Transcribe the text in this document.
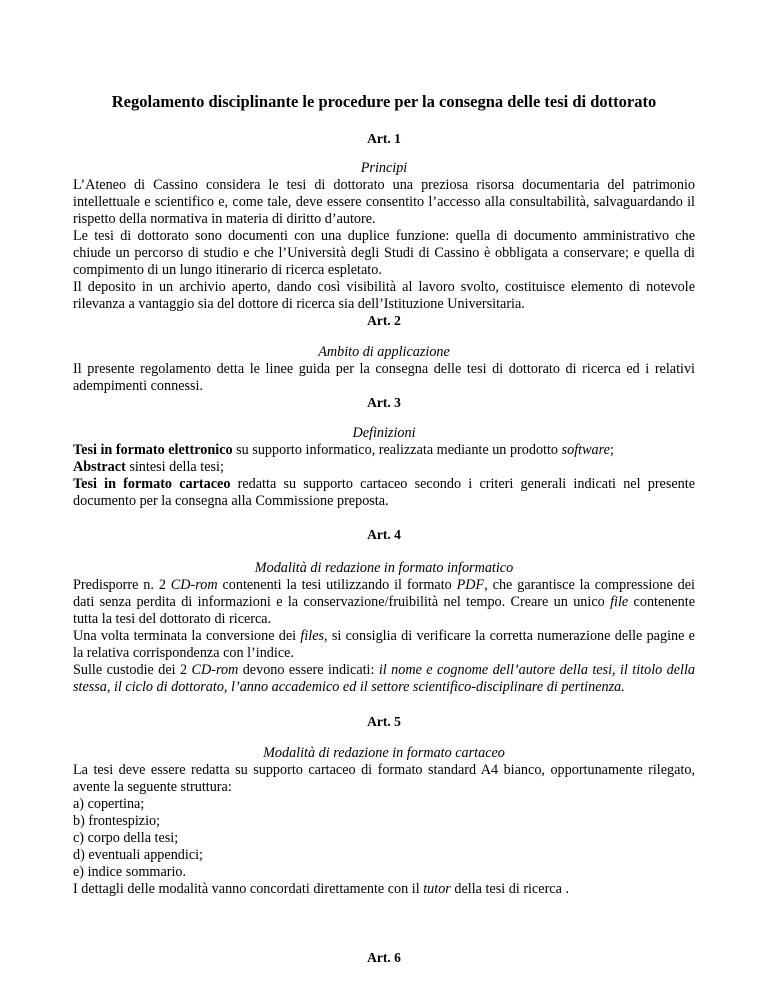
Regolamento disciplinante le procedure per la consegna delle tesi di dottorato
Art. 1
Principi

L’Ateneo di Cassino considera le tesi di dottorato una preziosa risorsa documentaria del patrimonio intellettuale e scientifico e, come tale, deve essere consentito l’accesso alla consultabilità, salvaguardando il rispetto della normativa in materia di diritto d’autore.

Le tesi di dottorato sono documenti con una duplice funzione: quella di documento amministrativo che chiude un percorso di studio e che l’Università degli Studi di Cassino è obbligata a conservare; e quella di compimento di un lungo itinerario di ricerca espletato.

Il deposito in un archivio aperto, dando così visibilità al lavoro svolto, costituisce elemento di notevole rilevanza a vantaggio sia del dottore di ricerca sia dell’Istituzione Universitaria.

Art. 2
Ambito di applicazione

Il presente regolamento detta le linee guida per la consegna delle tesi di dottorato di ricerca ed i relativi adempimenti connessi.

Art. 3
Definizioni

Tesi in formato elettronico su supporto informatico, realizzata mediante un prodotto software;

Abstract sintesi della tesi;

Tesi in formato cartaceo redatta su supporto cartaceo secondo i criteri generali indicati nel presente documento per la consegna alla Commissione preposta.

Art. 4
Modalità di redazione in formato informatico

Predisporre n. 2 CD-rom contenenti la tesi utilizzando il formato PDF, che garantisce la compressione dei dati senza perdita di informazioni e la conservazione/fruibilità nel tempo. Creare un unico file contenente tutta la tesi del dottorato di ricerca.

Una volta terminata la conversione dei files, si consiglia di verificare la corretta numerazione delle pagine e la relativa corrispondenza con l’indice.

Sulle custodie dei 2 CD-rom devono essere indicati: il nome e cognome dell’autore della tesi, il titolo della stessa, il ciclo di dottorato, l’anno accademico ed il settore scientifico-disciplinare di pertinenza.

Art. 5
Modalità di redazione in formato cartaceo

La tesi deve essere redatta su supporto cartaceo di formato standard A4 bianco, opportunamente rilegato, avente la seguente struttura:

a) copertina;

b) frontespizio;

c) corpo della tesi;

d) eventuali appendici;

e) indice sommario.

I dettagli delle modalità vanno concordati direttamente con il tutor della tesi di ricerca .

Art. 6
